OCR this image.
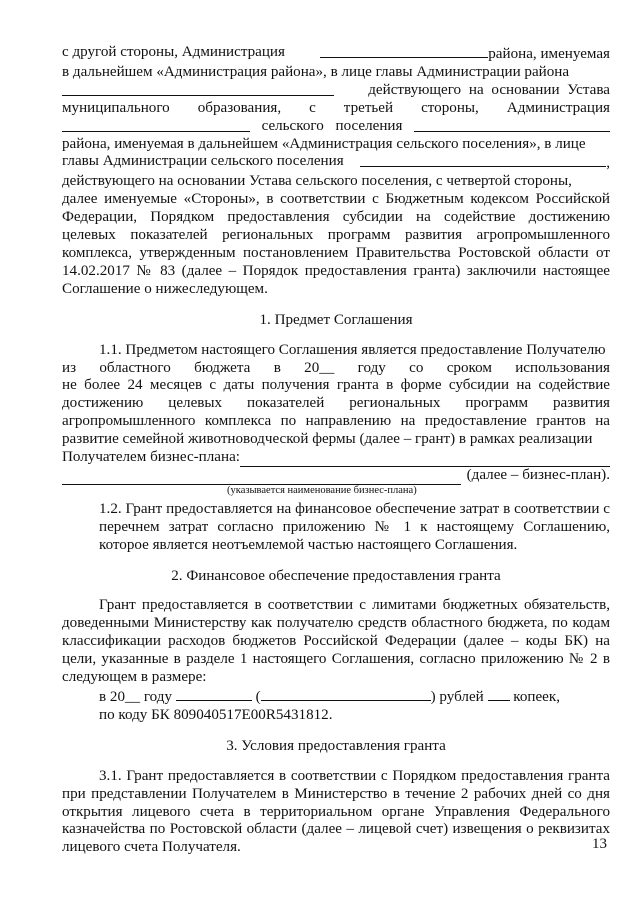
с другой стороны, Администрация	района, именуемая
в дальнейшем «Администрация района», в лице главы Администрации района
действующего на основании Устава
муниципального образования, с третьей стороны, Администрация
сельского поселения
района, именуемая в дальнейшем «Администрация сельского поселения», в лице
главы Администрации сельского поселения	,
действующего на основании Устава сельского поселения, с четвертой стороны,
далее именуемые «Стороны», в соответствии с Бюджетным кодексом Российской Федерации, Порядком предоставления субсидии на содействие достижению целевых показателей региональных программ развития агропромышленного комплекса, утвержденным постановлением Правительства Ростовской области от 14.02.2017 № 83 (далее – Порядок предоставления гранта) заключили настоящее Соглашение о нижеследующем.
1. Предмет Соглашения
1.1. Предметом настоящего Соглашения является предоставление Получателю
из областного бюджета в 20__ году со сроком использования
не более 24 месяцев с даты получения гранта в форме субсидии на содействие достижению целевых показателей региональных программ развития агропромышленного комплекса по направлению на предоставление грантов на развитие семейной животноводческой фермы (далее – грант) в рамках реализации
Получателем бизнес-плана:
(далее – бизнес-план).
(указывается наименование бизнес-плана)
1.2. Грант предоставляется на финансовое обеспечение затрат в соответствии с перечнем затрат согласно приложению № 1 к настоящему Соглашению, которое является неотъемлемой частью настоящего Соглашения.
2. Финансовое обеспечение предоставления гранта
Грант предоставляется в соответствии с лимитами бюджетных обязательств, доведенными Министерству как получателю средств областного бюджета, по кодам классификации расходов бюджетов Российской Федерации (далее – коды БК) на цели, указанные в разделе 1 настоящего Соглашения, согласно приложению № 2 в следующем в размере:
в 20__ году	(	) рублей копеек,
по коду БК 809040517E00R5431812.
3. Условия предоставления гранта
3.1. Грант предоставляется в соответствии с Порядком предоставления гранта при представлении Получателем в Министерство в течение 2 рабочих дней со дня открытия лицевого счета в территориальном органе Управления Федерального казначейства по Ростовской области (далее – лицевой счет) извещения о реквизитах лицевого счета Получателя.	13
